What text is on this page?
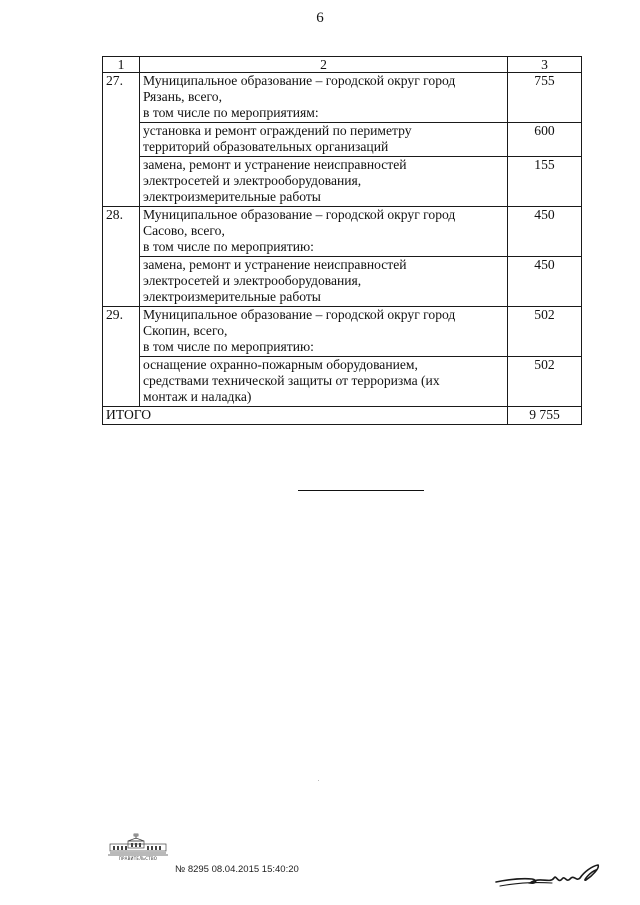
6
1	2	3
27.	Муниципальное образование – городской округ город
Рязань, всего,
в том числе по мероприятиям:	755

	установка и ремонт ограждений по периметру
территорий образовательных организаций	600

	замена, ремонт и устранение неисправностей
электросетей и электрооборудования,
электроизмерительные работы	155
28.	Муниципальное образование – городской округ город
Сасово, всего,
в том числе по мероприятию:	450

	замена, ремонт и устранение неисправностей
электросетей и электрооборудования,
электроизмерительные работы	450
29.	Муниципальное образование – городской округ город
Скопин, всего,
в том числе по мероприятию:	502

	оснащение охранно-пожарным оборудованием,
средствами технической защиты от терроризма (их
монтаж и наладка)	502
ИТОГО		9 755
ПРАВИТЕЛЬСТВО
№ 8295 08.04.2015 15:40:20
